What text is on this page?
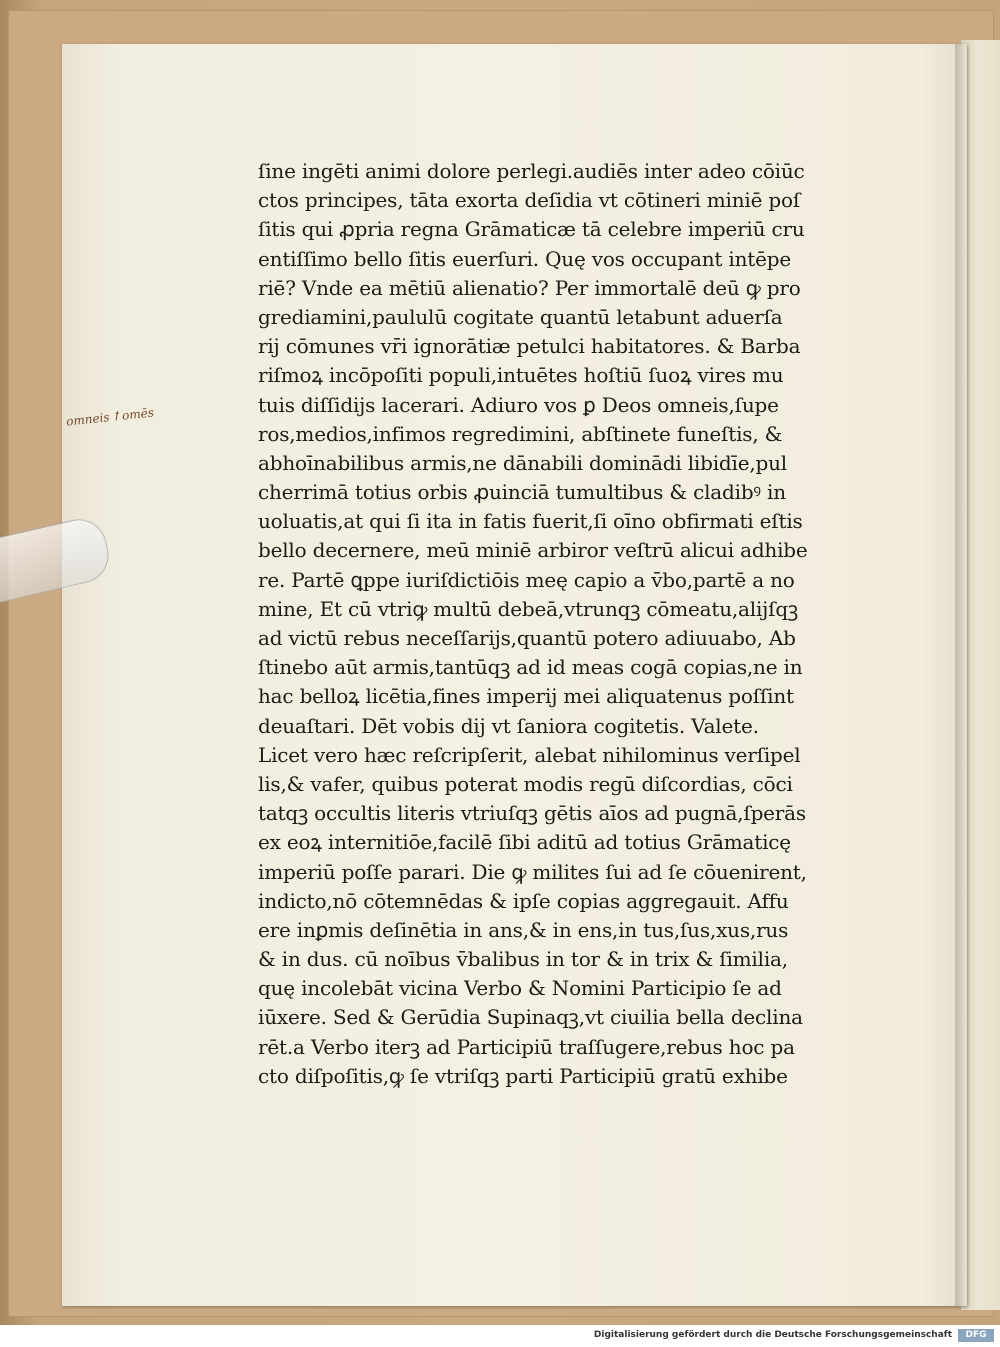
omneis ꝉ omēs
ſine ingēti animi dolore perlegi.audiēs inter adeo cōiūc
ctos principes, tāta exorta deſidia vt cōtineri miniē poſ
ſitis qui ꝓpria regna Grāmaticæ tā celebre imperiū cru
entiſſimo bello ſitis euerſuri. Quę vos occupant intēpe
riē? Vnde ea mētiū alienatio? Per immortalē deū ꝙ pro
grediamini,paululū cogitate quantū letabunt aduerſa
rij cōmunes vr̄i ignorātiæ petulci habitatores. & Barba
riſmoꝝ incōpoſiti populi,intuētes hoſtiū ſuoꝝ vires mu
tuis diſſidijs lacerari. Adiuro vos ꝑ Deos omneis,ſupe
ros,medios,infimos regredimini, abſtinete funeſtis, &
abhoīnabilibus armis,ne dānabili dominādi libidīe,pul
cherrimā totius orbis ꝓuinciā tumultibus & cladibꝰ in
uoluatis,at qui ſi ita in fatis fuerit,ſi oīno obfirmati eſtis
bello decernere, meū miniē arbiror veſtrū alicui adhibe
re. Partē ꝗppe iuriſdictiōis meę capio a v̄bo,partē a no
mine, Et cū vtriꝙ multū debeā,vtrunqꝫ cōmeatu,alijſqꝫ
ad victū rebus neceſſarijs,quantū potero adiuuabo, Ab
ſtinebo aūt armis,tantūqꝫ ad id meas cogā copias,ne in
hac belloꝝ licētia,fines imperij mei aliquatenus poſſint
deuaſtari. Dēt vobis dij vt ſaniora cogitetis. Valete.
Licet vero hæc reſcripſerit, alebat nihilominus verſipel
lis,& vafer, quibus poterat modis regū diſcordias, cōci
tatqꝫ occultis literis vtriuſqꝫ gētis aīos ad pugnā,ſperās
ex eoꝝ internitiōe,facilē ſibi aditū ad totius Grāmaticę
imperiū poſſe parari. Die ꝙ milites ſui ad ſe cōuenirent,
indicto,nō cōtemnēdas & ipſe copias aggregauit. Affu
ere inꝑmis deſinētia in ans,& in ens,in tus,ſus,xus,rus
& in dus. cū noībus v̄balibus in tor & in trix & ſimilia,
quę incolebāt vicina Verbo & Nomini Participio ſe ad
iūxere. Sed & Gerūdia Supinaqꝫ,vt ciuilia bella declina
rēt.a Verbo iterꝫ ad Participiū traſſugere,rebus hoc pa
cto diſpoſitis,ꝙ ſe vtriſqꝫ parti Participiū gratū exhibe
Digitalisierung gefördert durch die Deutsche Forschungsgemeinschaft	DFG
